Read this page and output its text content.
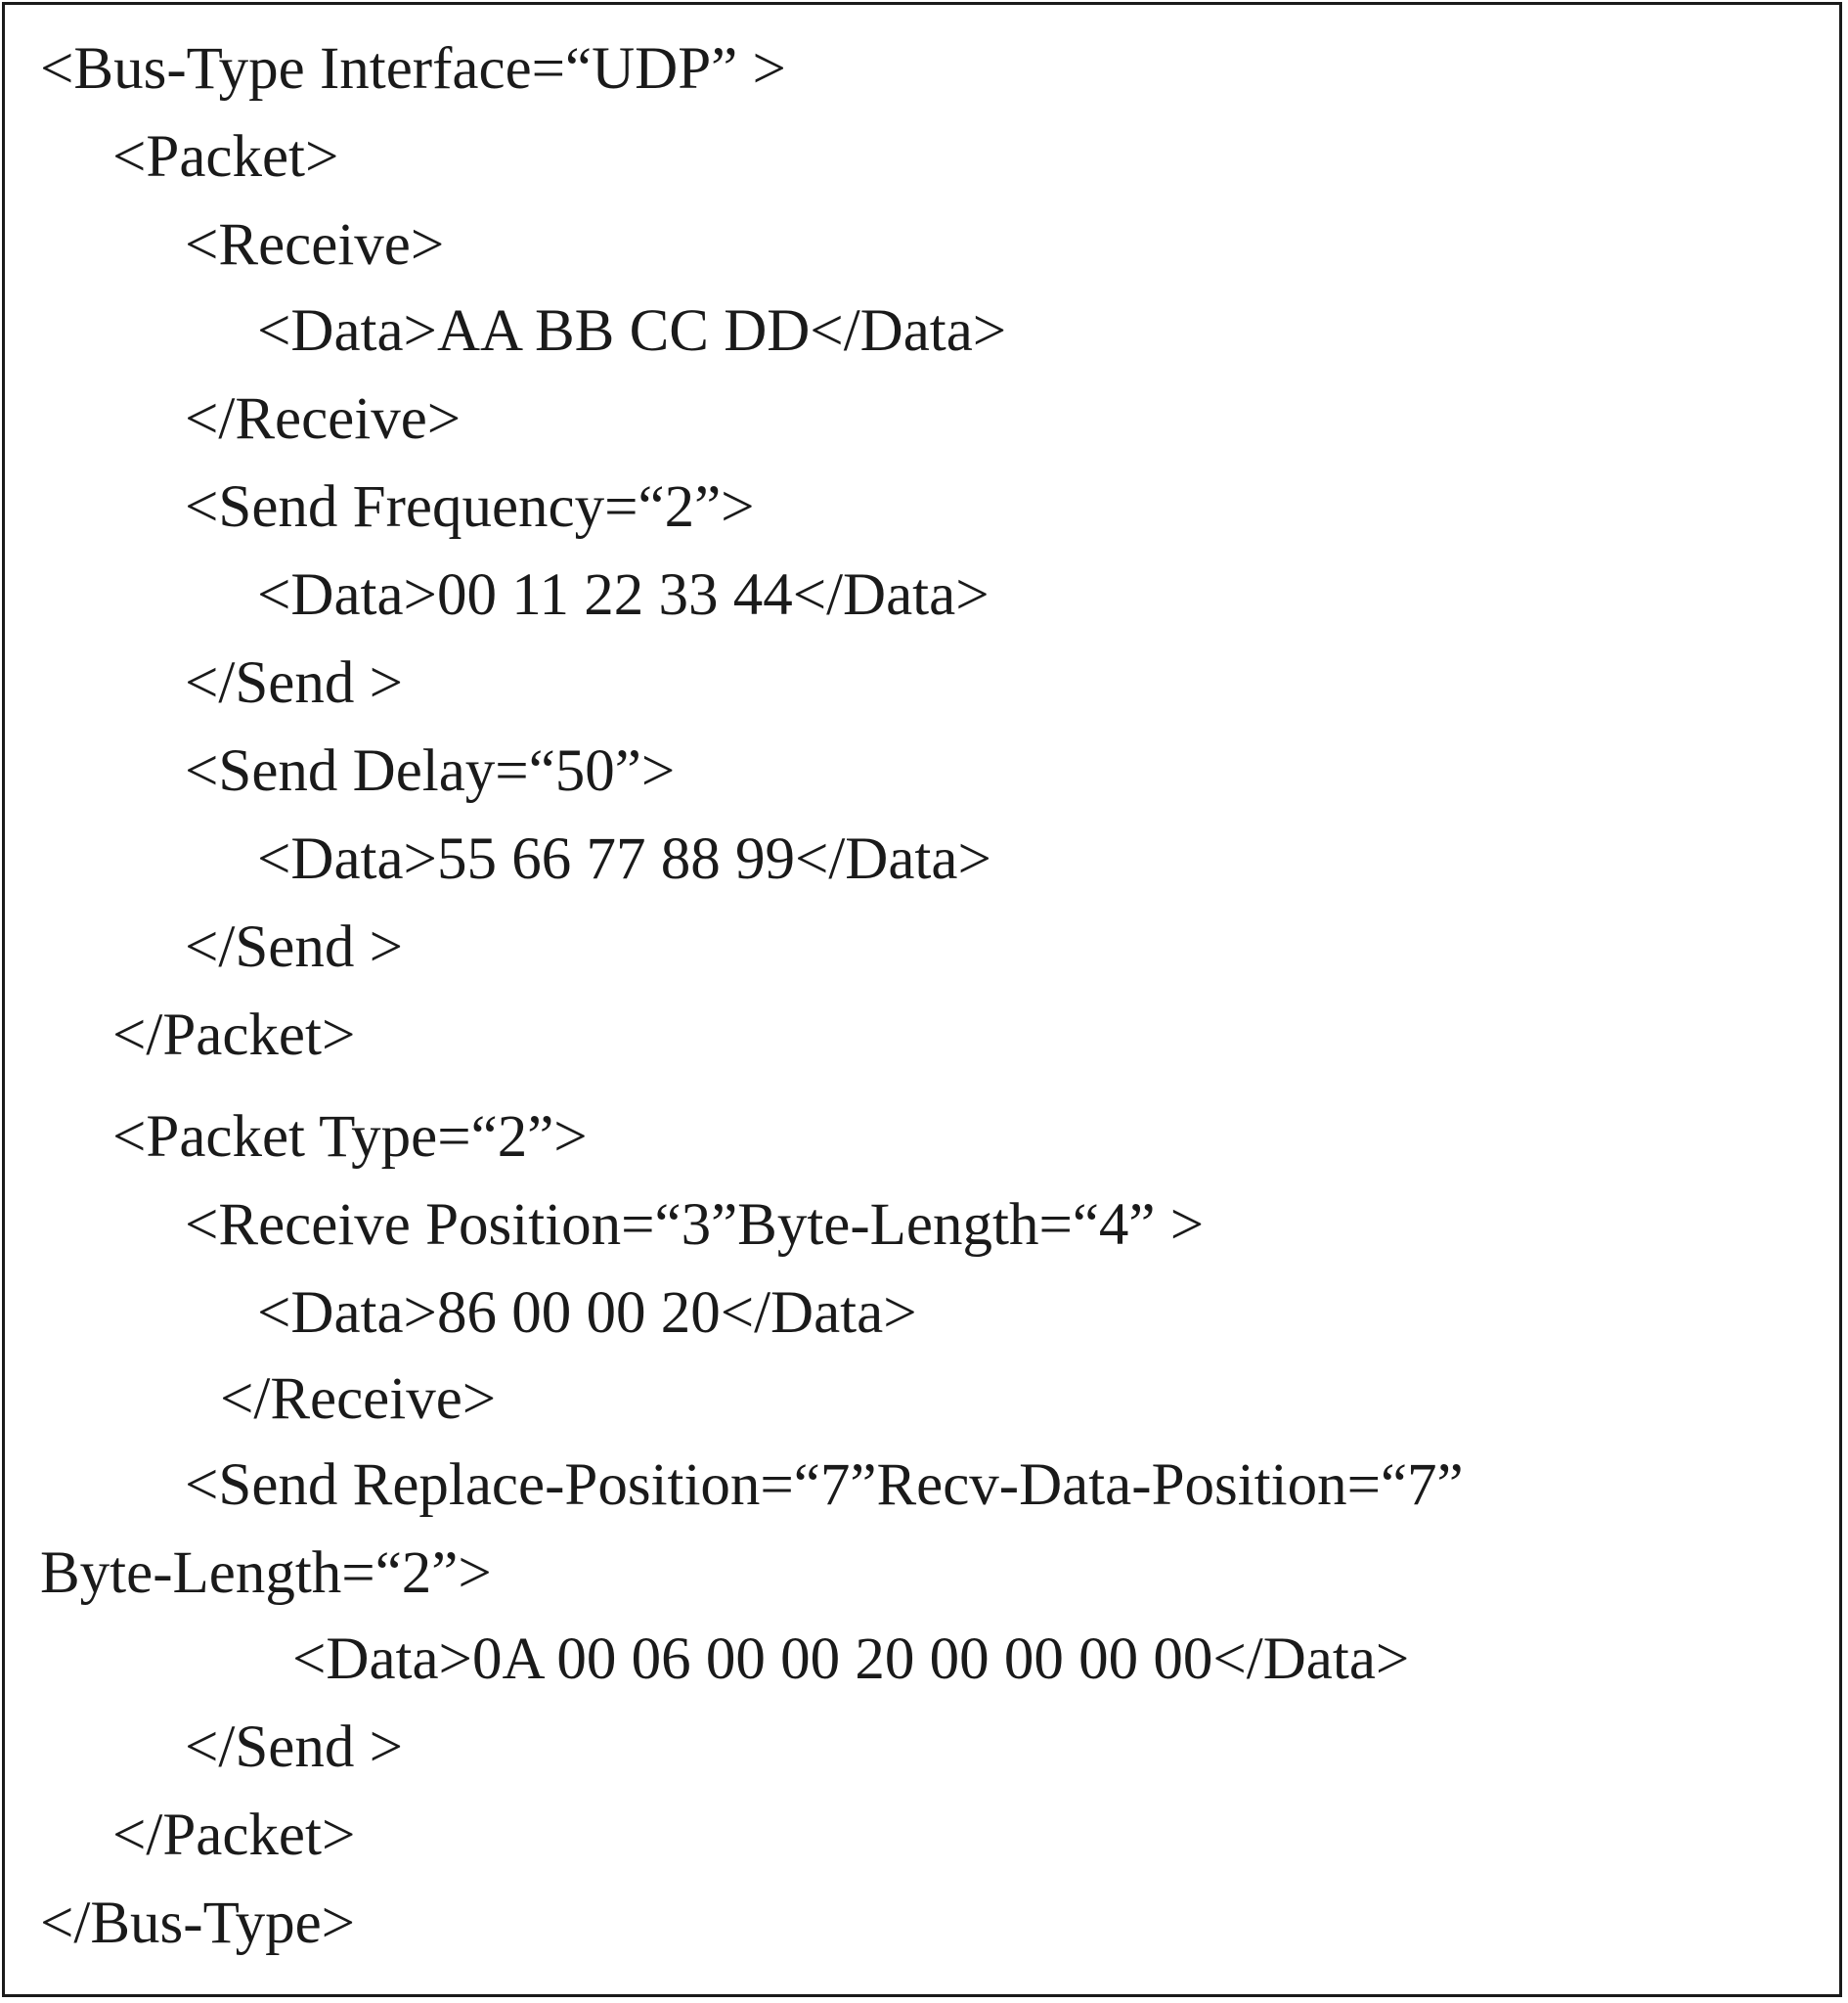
<Bus-Type Interface=“UDP” >
<Packet>
<Receive>
<Data>AA BB CC DD</Data>
</Receive>
<Send Frequency=“2”>
<Data>00 11 22 33 44</Data>
</Send >
<Send Delay=“50”>
<Data>55 66 77 88 99</Data>
</Send >
</Packet>
<Packet Type=“2”>
<Receive Position=“3”Byte-Length=“4” >
<Data>86 00 00 20</Data>
</Receive>
<Send Replace-Position=“7”Recv-Data-Position=“7”
Byte-Length=“2”>
<Data>0A 00 06 00 00 20 00 00 00 00</Data>
</Send >
</Packet>
</Bus-Type>
